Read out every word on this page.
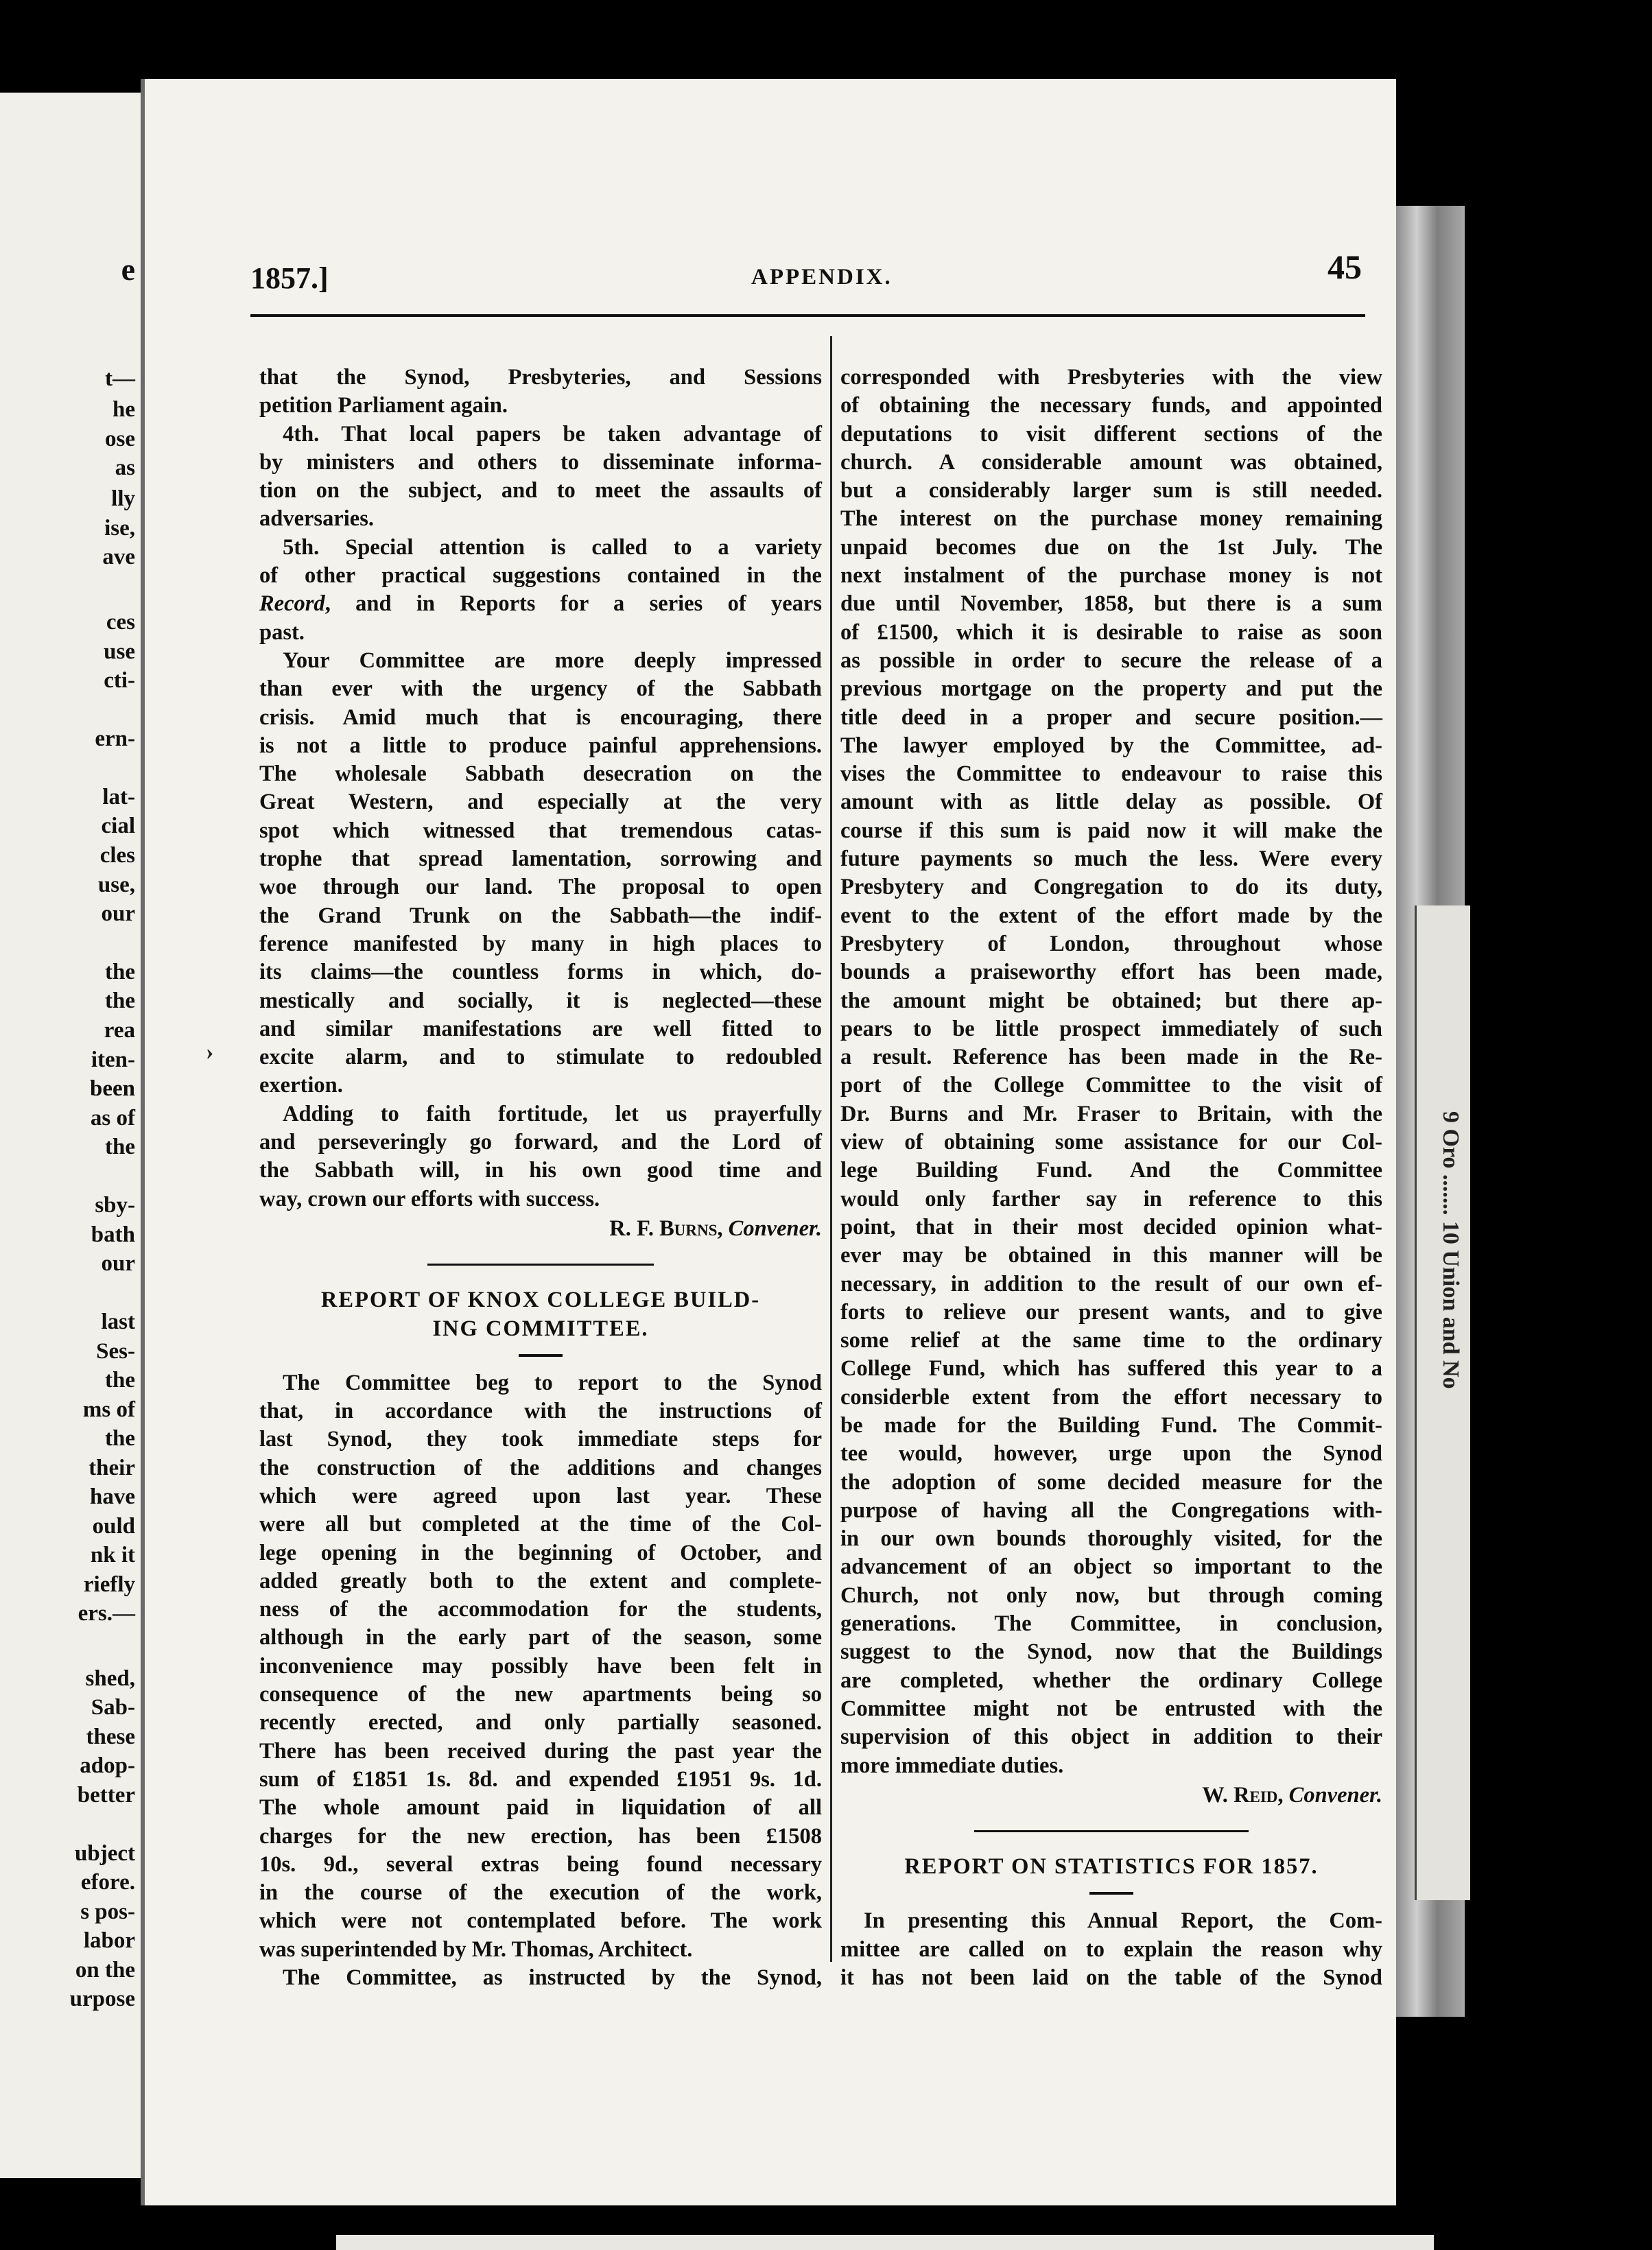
e
t—
he
ose
as
lly
ise,
ave
ces
use
cti-
ern-
lat-
cial
cles
use,
our
the
the
rea
iten-
been
as of
the
sby-
bath
our
last
Ses-
the
ms of
the
their
have
ould
nk it
riefly
ers.—
shed,
Sab-
these
adop-
better
ubject
efore.
s pos-
labor
on the
urpose
9 Oro ....... 10 Union and No
1857.]	APPENDIX.	45
›

that the Synod, Presbyteries, and Sessions
petition Parliament again.

4th. That local papers be taken advantage of
by ministers and others to disseminate informa-
tion on the subject, and to meet the assaults of
adversaries.

5th. Special attention is called to a variety
of other practical suggestions contained in the
Record, and in Reports for a series of years
past.

Your Committee are more deeply impressed
than ever with the urgency of the Sabbath
crisis. Amid much that is encouraging, there
is not a little to produce painful apprehensions.
The wholesale Sabbath desecration on the
Great Western, and especially at the very
spot which witnessed that tremendous catas-
trophe that spread lamentation, sorrowing and
woe through our land. The proposal to open
the Grand Trunk on the Sabbath—the indif-
ference manifested by many in high places to
its claims—the countless forms in which, do-
mestically and socially, it is neglected—these
and similar manifestations are well fitted to
excite alarm, and to stimulate to redoubled
exertion.

Adding to faith fortitude, let us prayerfully
and perseveringly go forward, and the Lord of
the Sabbath will, in his own good time and
way, crown our efforts with success.

R. F. Burns, Convener.
REPORT OF KNOX COLLEGE BUILD-
ING COMMITTEE.

The Committee beg to report to the Synod
that, in accordance with the instructions of
last Synod, they took immediate steps for
the construction of the additions and changes
which were agreed upon last year. These
were all but completed at the time of the Col-
lege opening in the beginning of October, and
added greatly both to the extent and complete-
ness of the accommodation for the students,
although in the early part of the season, some
inconvenience may possibly have been felt in
consequence of the new apartments being so
recently erected, and only partially seasoned.
There has been received during the past year the
sum of £1851 1s. 8d. and expended £1951 9s. 1d.
The whole amount paid in liquidation of all
charges for the new erection, has been £1508
10s. 9d., several extras being found necessary
in the course of the execution of the work,
which were not contemplated before. The work
was superintended by Mr. Thomas, Architect.

The Committee, as instructed by the Synod,

corresponded with Presbyteries with the view
of obtaining the necessary funds, and appointed
deputations to visit different sections of the
church. A considerable amount was obtained,
but a considerably larger sum is still needed.
The interest on the purchase money remaining
unpaid becomes due on the 1st July. The
next instalment of the purchase money is not
due until November, 1858, but there is a sum
of £1500, which it is desirable to raise as soon
as possible in order to secure the release of a
previous mortgage on the property and put the
title deed in a proper and secure position.—
The lawyer employed by the Committee, ad-
vises the Committee to endeavour to raise this
amount with as little delay as possible. Of
course if this sum is paid now it will make the
future payments so much the less. Were every
Presbytery and Congregation to do its duty,
event to the extent of the effort made by the
Presbytery of London, throughout whose
bounds a praiseworthy effort has been made,
the amount might be obtained; but there ap-
pears to be little prospect immediately of such
a result. Reference has been made in the Re-
port of the College Committee to the visit of
Dr. Burns and Mr. Fraser to Britain, with the
view of obtaining some assistance for our Col-
lege Building Fund. And the Committee
would only farther say in reference to this
point, that in their most decided opinion what-
ever may be obtained in this manner will be
necessary, in addition to the result of our own ef-
forts to relieve our present wants, and to give
some relief at the same time to the ordinary
College Fund, which has suffered this year to a
considerble extent from the effort necessary to
be made for the Building Fund. The Commit-
tee would, however, urge upon the Synod
the adoption of some decided measure for the
purpose of having all the Congregations with-
in our own bounds thoroughly visited, for the
advancement of an object so important to the
Church, not only now, but through coming
generations. The Committee, in conclusion,
suggest to the Synod, now that the Buildings
are completed, whether the ordinary College
Committee might not be entrusted with the
supervision of this object in addition to their
more immediate duties.

W. Reid, Convener.
REPORT ON STATISTICS FOR 1857.

In presenting this Annual Report, the Com-
mittee are called on to explain the reason why
it has not been laid on the table of the Synod
